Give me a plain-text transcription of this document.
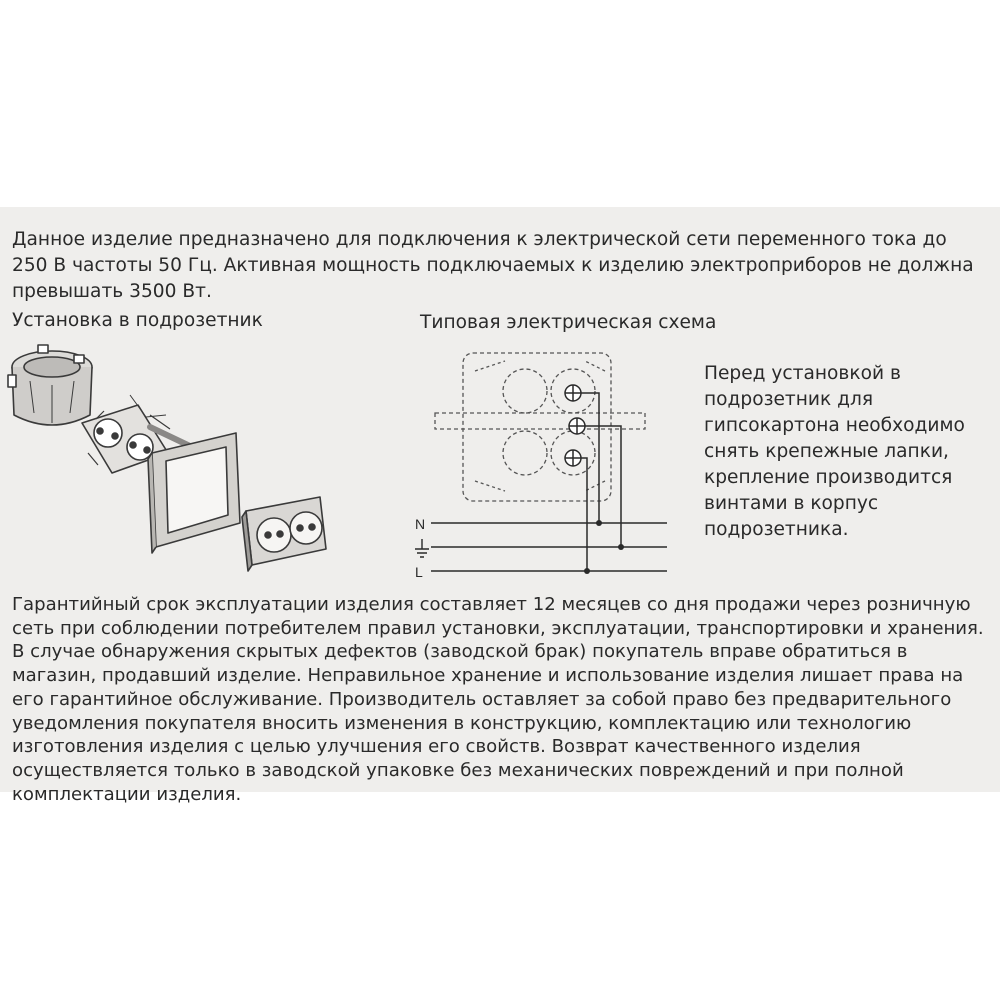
Данное изделие предназначено для подключения к электрической сети переменного тока до 250 В частоты 50 Гц. Активная мощность подключаемых к изделию электроприборов не должна превышать 3500 Вт.

Установка в подрозетник	Типовая электрическая схема

N
L

Перед установкой в подрозетник для гипсокартона необходимо снять крепежные лапки, крепление производится винтами в корпус подрозетника.

Гарантийный срок эксплуатации изделия составляет 12 месяцев со дня продажи через розничную сеть при соблюдении потребителем правил установки, эксплуатации, транспортировки и хранения. В случае обнаружения скрытых дефектов (заводской брак) покупатель вправе обратиться в магазин, продавший изделие. Неправильное хранение и использование изделия лишает права на его гарантийное обслуживание. Производитель оставляет за собой право без предварительного уведомления покупателя вносить изменения в конструкцию, комплектацию или технологию изготовления изделия с целью улучшения его свойств. Возврат качественного изделия осуществляется только в заводской упаковке без механических повреждений и при полной комплектации изделия.
